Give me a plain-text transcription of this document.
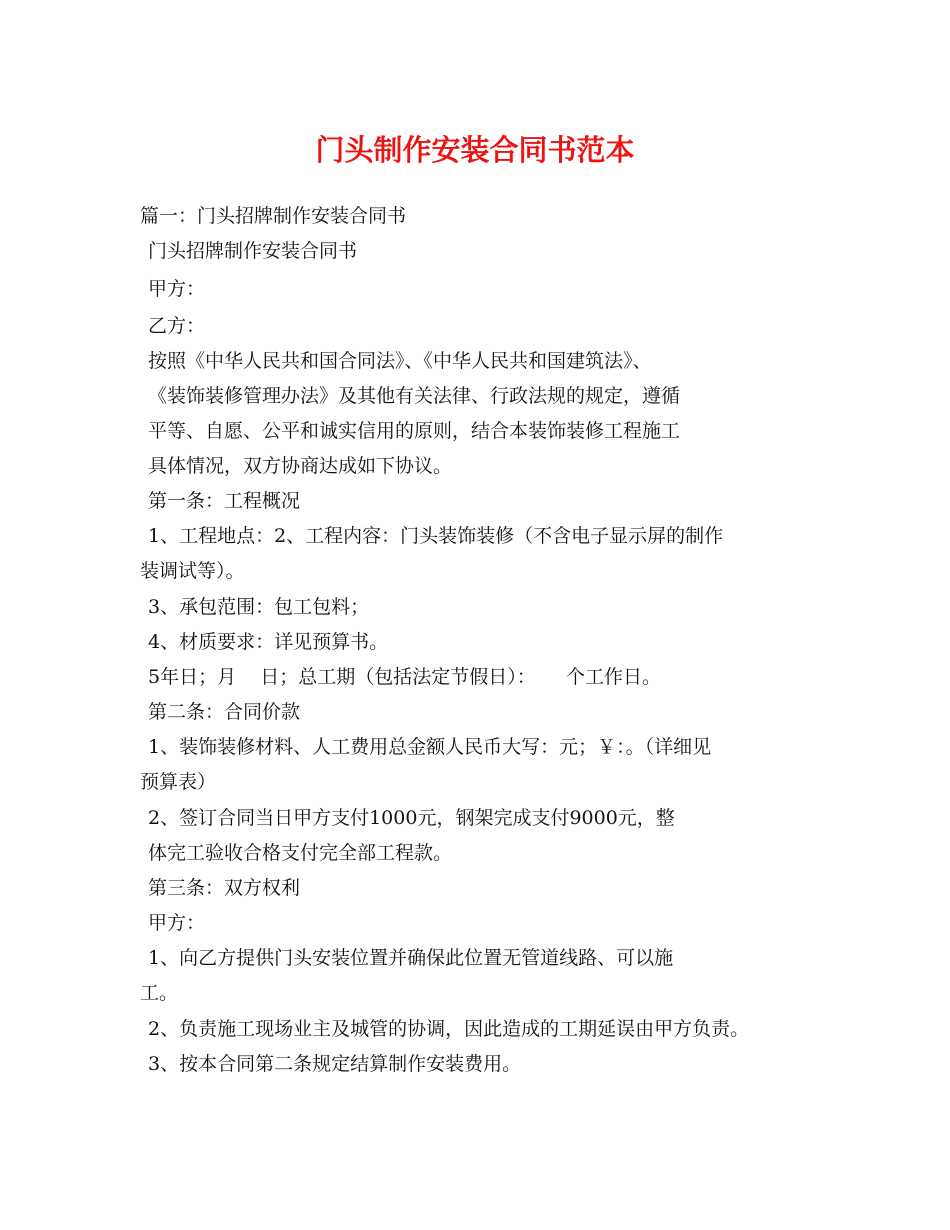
门头制作安装合同书范本
篇一：门头招牌制作安装合同书
门头招牌制作安装合同书
甲方：
乙方：
按照《中华人民共和国合同法》、《中华人民共和国建筑法》、
《装饰装修管理办法》及其他有关法律、行政法规的规定，遵循
平等、自愿、公平和诚实信用的原则，结合本装饰装修工程施工
具体情况，双方协商达成如下协议。
第一条：工程概况
1、工程地点：2、工程内容：门头装饰装修（不含电子显示屏的制作
装调试等）。
3、承包范围：包工包料；
4、材质要求：详见预算书。
5年日；月    日；总工期（包括法定节假日）：     个工作日。
第二条：合同价款
1、装饰装修材料、人工费用总金额人民币大写：元；￥：。（详细见
预算表）
2、签订合同当日甲方支付1000元，钢架完成支付9000元，整
体完工验收合格支付完全部工程款。
第三条：双方权利
甲方：
1、向乙方提供门头安装位置并确保此位置无管道线路、可以施
工。
2、负责施工现场业主及城管的协调，因此造成的工期延误由甲方负责。
3、按本合同第二条规定结算制作安装费用。
